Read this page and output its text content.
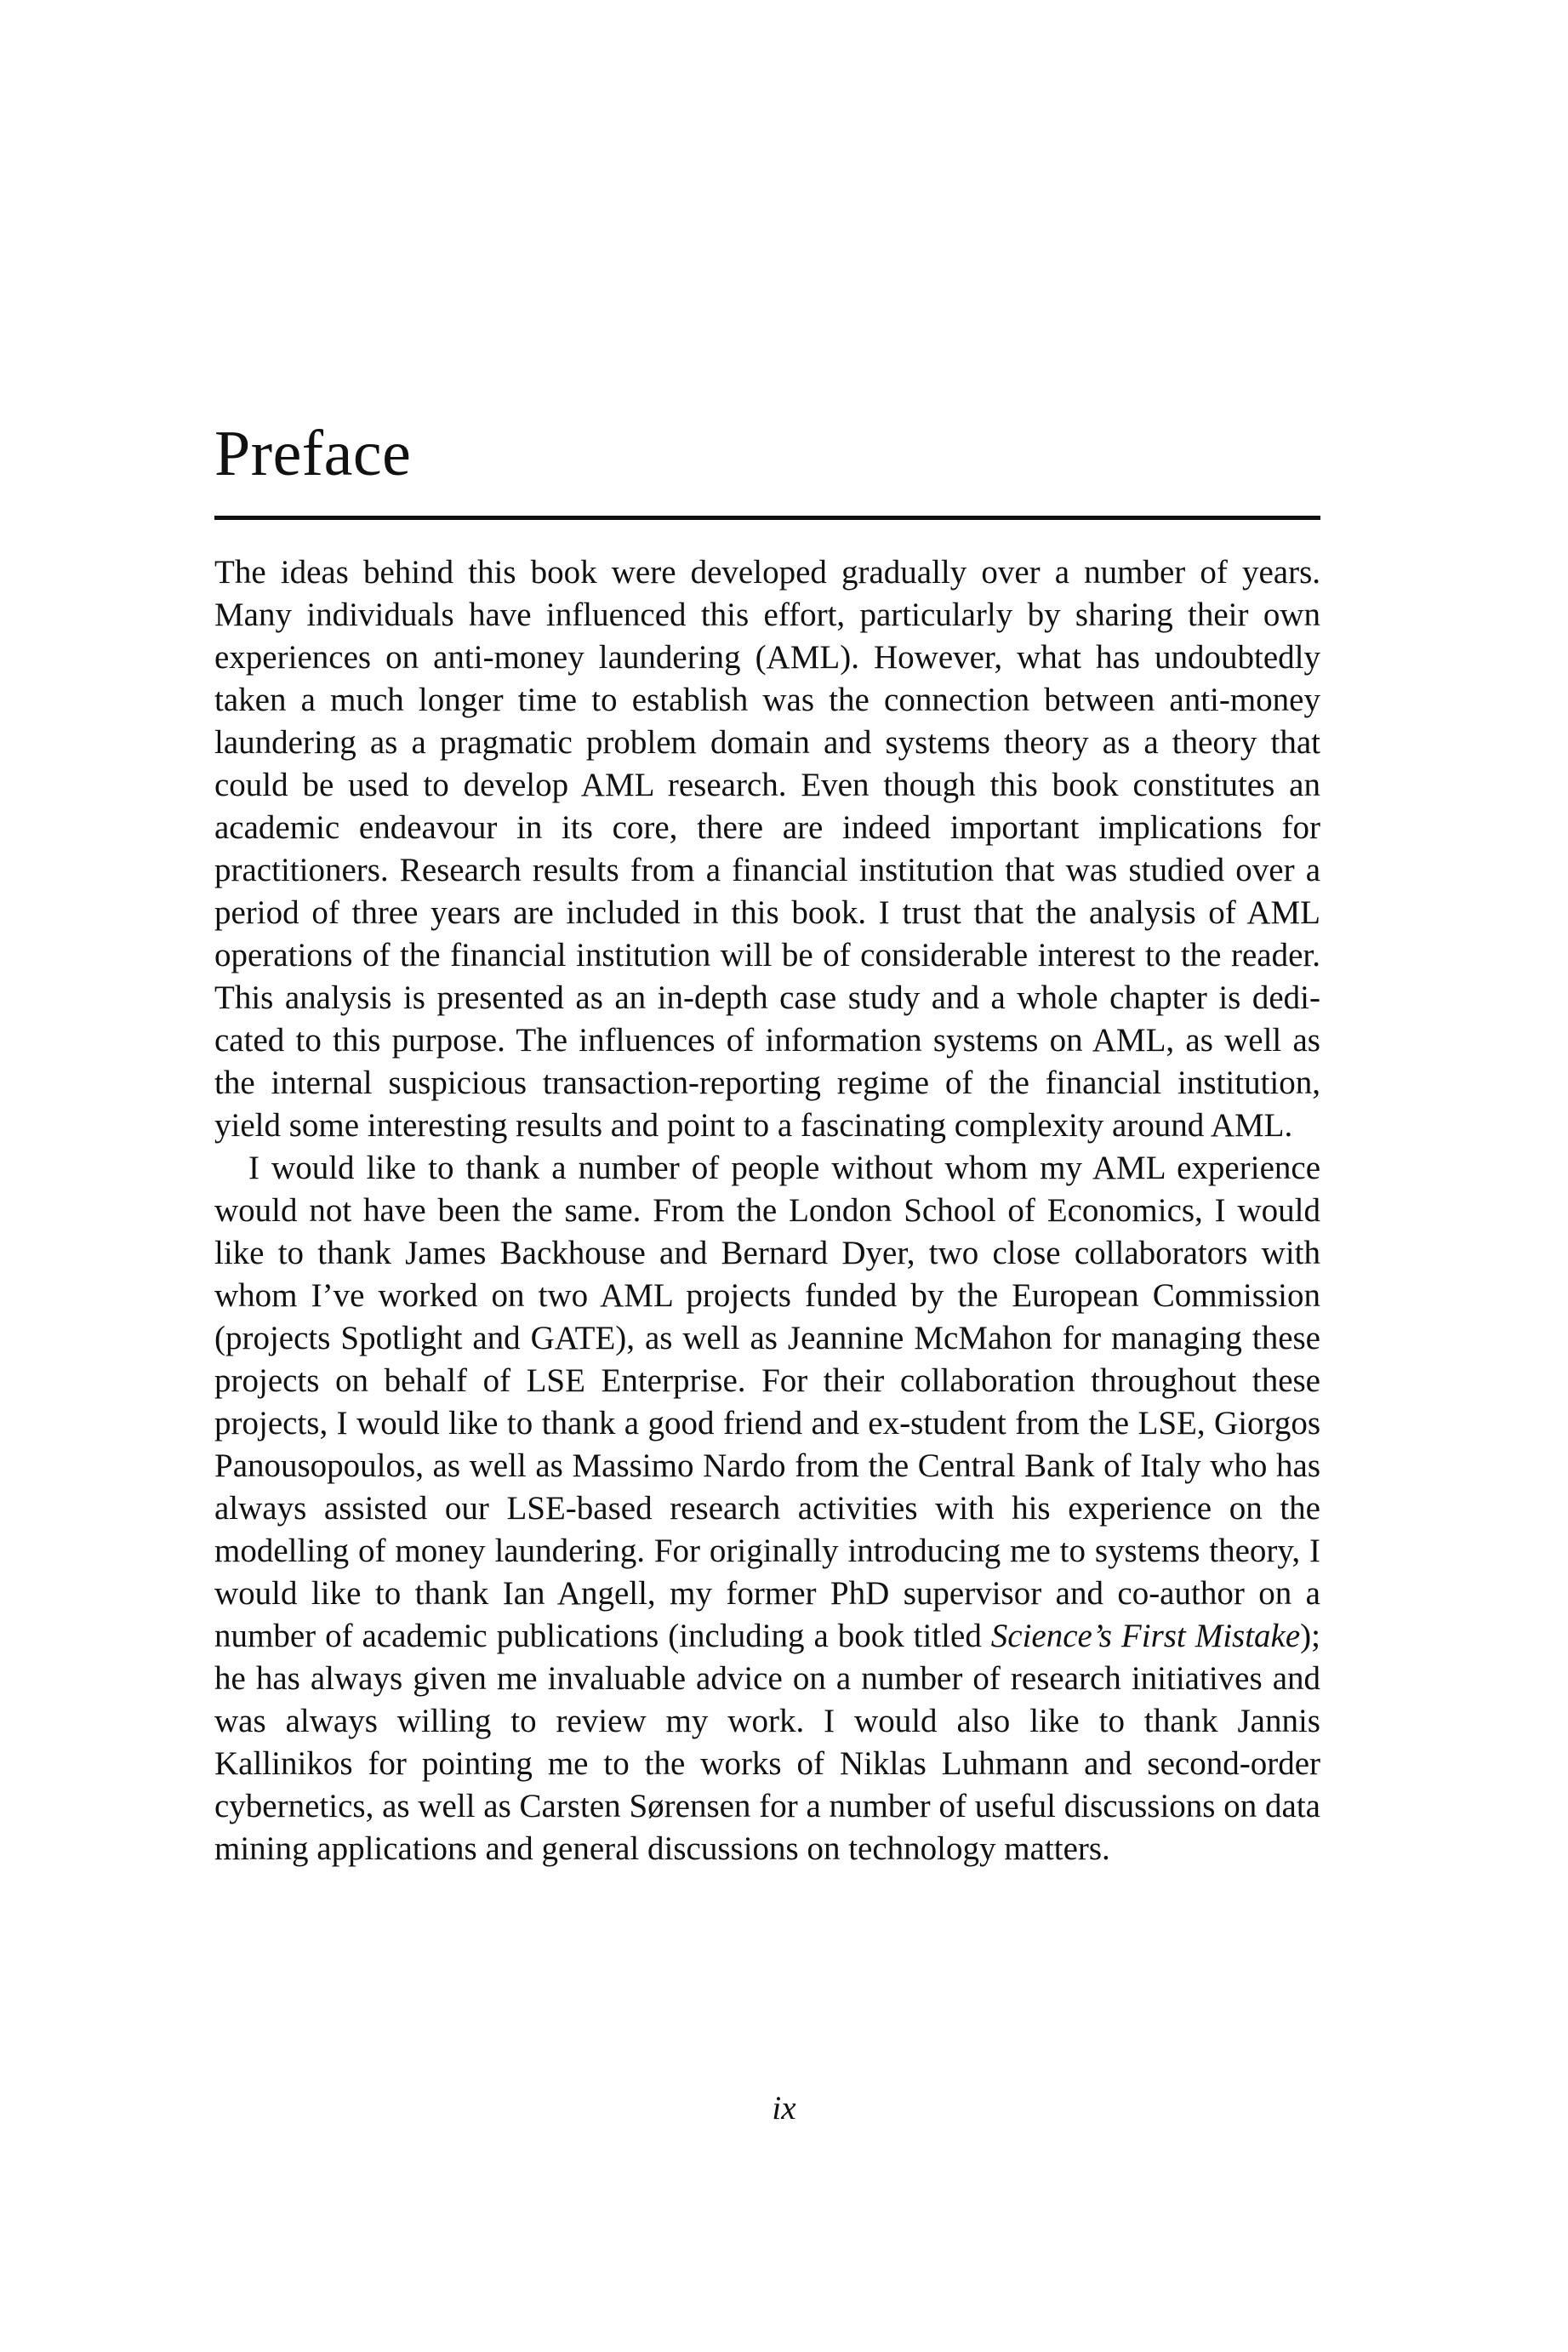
Preface

The ideas behind this book were developed gradually over a number of years. Many individuals have influenced this effort, particularly by sharing their own experiences on anti-money laundering (AML). However, what has undoubtedly taken a much longer time to establish was the connection between anti-money laundering as a pragmatic problem domain and systems theory as a theory that could be used to develop AML research. Even though this book constitutes an academic endeavour in its core, there are indeed important implications for practitioners. Research results from a financial institution that was studied over a period of three years are included in this book. I trust that the analysis of AML operations of the financial institution will be of considerable interest to the reader. This analysis is presented as an in-depth case study and a whole chapter is dedicated to this purpose. The influences of information systems on AML, as well as the internal suspicious transaction-reporting regime of the financial institution, yield some interesting results and point to a fascinating complexity around AML.

I would like to thank a number of people without whom my AML experience would not have been the same. From the London School of Economics, I would like to thank James Backhouse and Bernard Dyer, two close collaborators with whom I’ve worked on two AML projects funded by the European Commission (projects Spotlight and GATE), as well as Jeannine McMahon for managing these projects on behalf of LSE Enterprise. For their collaboration throughout these projects, I would like to thank a good friend and ex-student from the LSE, Giorgos Panousopoulos, as well as Massimo Nardo from the Central Bank of Italy who has always assisted our LSE-based research activities with his experience on the modelling of money laundering. For originally introducing me to systems theory, I would like to thank Ian Angell, my former PhD supervisor and co-author on a number of academic publications (including a book titled Science’s First Mistake); he has always given me invaluable advice on a number of research initiatives and was always willing to review my work. I would also like to thank Jannis Kallinikos for pointing me to the works of Niklas Luhmann and second-order cybernetics, as well as Carsten Sørensen for a number of useful discussions on data mining applications and general discussions on technology matters.

ix
